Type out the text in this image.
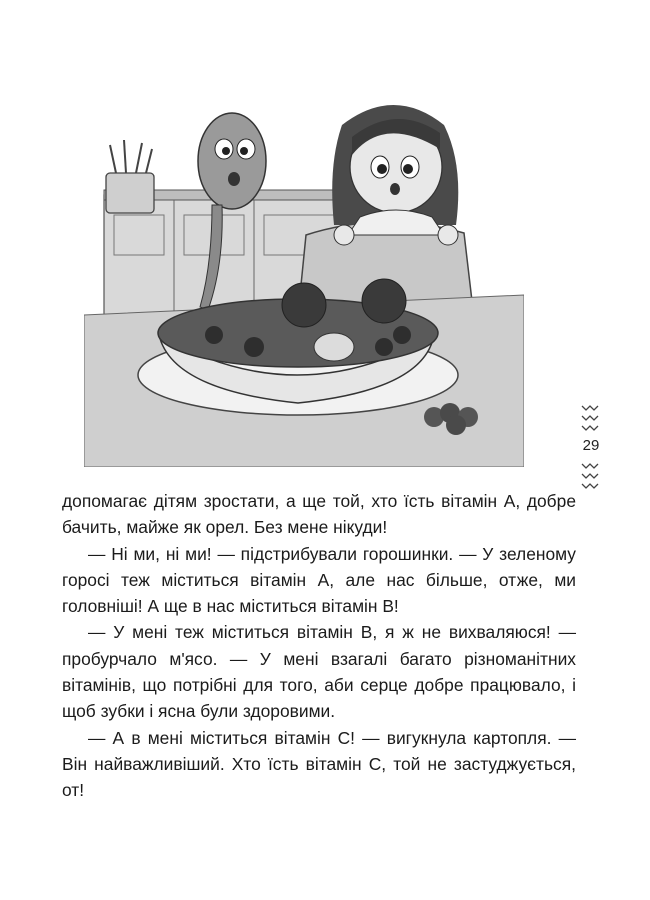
29

допомагає дітям зростати, а ще той, хто їсть вітамін А, добре бачить, майже як орел. Без мене нікуди!

— Ні ми, ні ми! — підстрибували горошинки. — У зеленому горосі теж міститься вітамін А, але нас більше, отже, ми головніші! А ще в нас міститься вітамін В!

— У мені теж міститься вітамін В, я ж не вихваляюся! — пробурчало м'ясо. — У мені взагалі багато різноманітних вітамінів, що потрібні для того, аби серце добре працювало, і щоб зубки і ясна були здоровими.

— А в мені міститься вітамін С! — вигукнула картопля. — Він найважливіший. Хто їсть вітамін С, той не застуджується, от!
